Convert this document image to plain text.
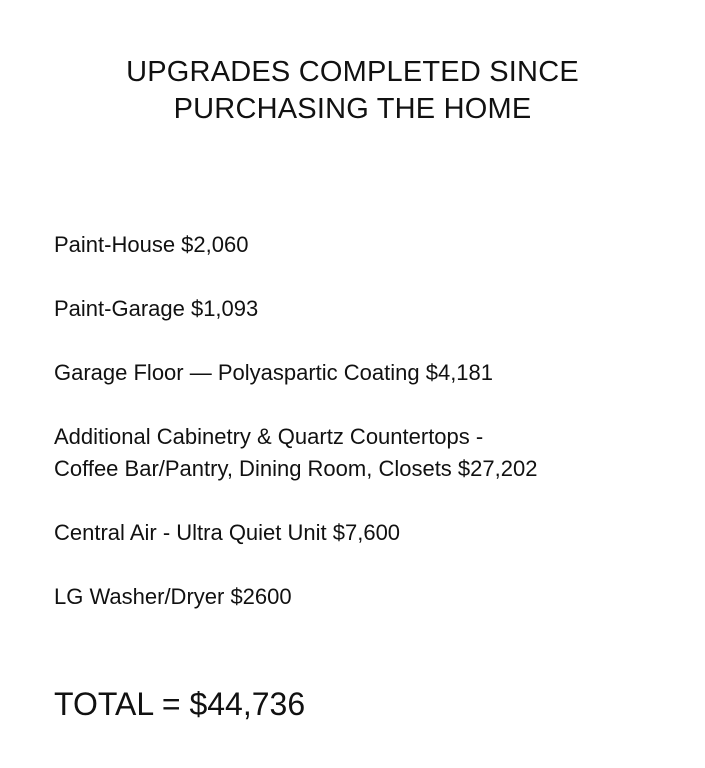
UPGRADES COMPLETED SINCE
PURCHASING THE HOME
Paint-House $2,060
Paint-Garage $1,093
Garage Floor — Polyaspartic Coating $4,181
Additional Cabinetry & Quartz Countertops -
Coffee Bar/Pantry, Dining Room, Closets $27,202
Central Air - Ultra Quiet Unit $7,600
LG Washer/Dryer $2600
TOTAL = $44,736
